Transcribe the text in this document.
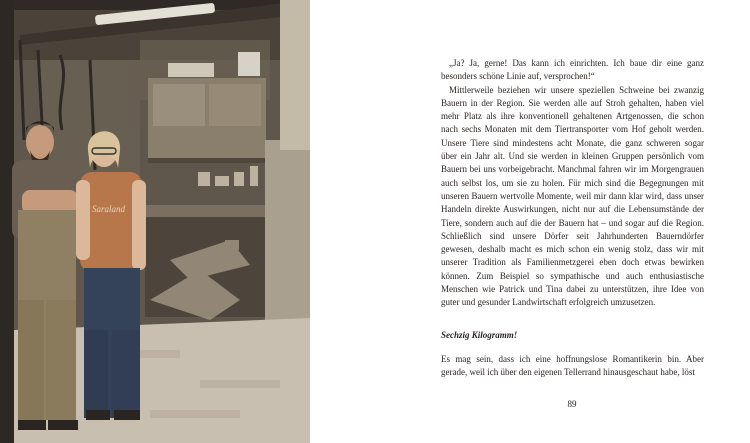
Saraland

„Ja? Ja, gerne! Das kann ich einrichten. Ich baue dir eine ganz besonders schöne Linie auf, versprochen!“

Mittlerweile beziehen wir unsere speziellen Schweine bei zwanzig Bauern in der Region. Sie werden alle auf Stroh gehalten, haben viel mehr Platz als ihre konventionell gehaltenen Artgenossen, die schon nach sechs Monaten mit dem Tiertransporter vom Hof geholt werden. Unsere Tiere sind mindestens acht Monate, die ganz schweren sogar über ein Jahr alt. Und sie werden in kleinen Gruppen persönlich vom Bauern bei uns vorbeigebracht. Manchmal fahren wir im Morgengrauen auch selbst los, um sie zu holen. Für mich sind die Begegnungen mit unseren Bauern wertvolle Momente, weil mir dann klar wird, dass unser Handeln direkte Auswirkungen, nicht nur auf die Lebensumstände der Tiere, sondern auch auf die der Bauern hat – und sogar auf die Region. Schließlich sind unsere Dörfer seit Jahrhunderten Bauerndörfer gewesen, deshalb macht es mich schon ein wenig stolz, dass wir mit unserer Tradition als Familienmetzgerei eben doch etwas bewirken können. Zum Beispiel so sympathische und auch enthusiastische Menschen wie Patrick und Tina dabei zu unterstützen, ihre Idee von guter und gesunder Landwirtschaft erfolgreich umzusetzen.

Sechzig Kilogramm!

Es mag sein, dass ich eine hoffnungslose Romantikerin bin. Aber gerade, weil ich über den eigenen Tellerrand hinausgeschaut habe, löst

89
